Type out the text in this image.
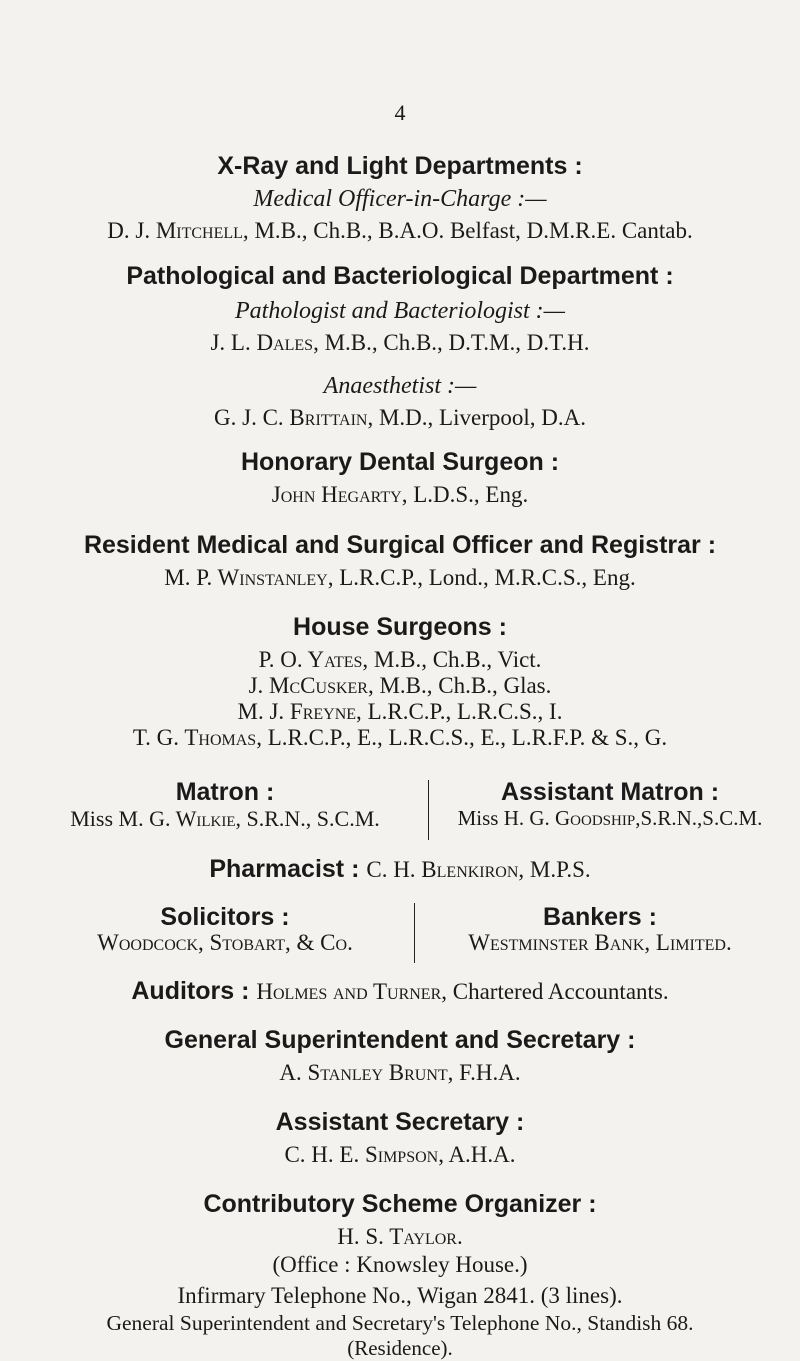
4
X-Ray and Light Departments :
Medical Officer-in-Charge :—
D. J. Mitchell, M.B., Ch.B., B.A.O. Belfast, D.M.R.E. Cantab.
Pathological and Bacteriological Department :
Pathologist and Bacteriologist :—
J. L. Dales, M.B., Ch.B., D.T.M., D.T.H.
Anaesthetist :—
G. J. C. Brittain, M.D., Liverpool, D.A.
Honorary Dental Surgeon :
John Hegarty, L.D.S., Eng.
Resident Medical and Surgical Officer and Registrar :
M. P. Winstanley, L.R.C.P., Lond., M.R.C.S., Eng.
House Surgeons :
P. O. Yates, M.B., Ch.B., Vict.
J. McCusker, M.B., Ch.B., Glas.
M. J. Freyne, L.R.C.P., L.R.C.S., I.
T. G. Thomas, L.R.C.P., E., L.R.C.S., E., L.R.F.P. & S., G.
Matron :
Miss M. G. Wilkie, S.R.N., S.C.M.
Assistant Matron :
Miss H. G. Goodship,S.R.N.,S.C.M.
Pharmacist : C. H. Blenkiron, M.P.S.
Solicitors :
Woodcock, Stobart, & Co.
Bankers :
Westminster Bank, Limited.
Auditors : Holmes and Turner, Chartered Accountants.
General Superintendent and Secretary :
A. Stanley Brunt, F.H.A.
Assistant Secretary :
C. H. E. Simpson, A.H.A.
Contributory Scheme Organizer :
H. S. Taylor.
(Office : Knowsley House.)
Infirmary Telephone No., Wigan 2841. (3 lines).
General Superintendent and Secretary's Telephone No., Standish 68.
(Residence).
